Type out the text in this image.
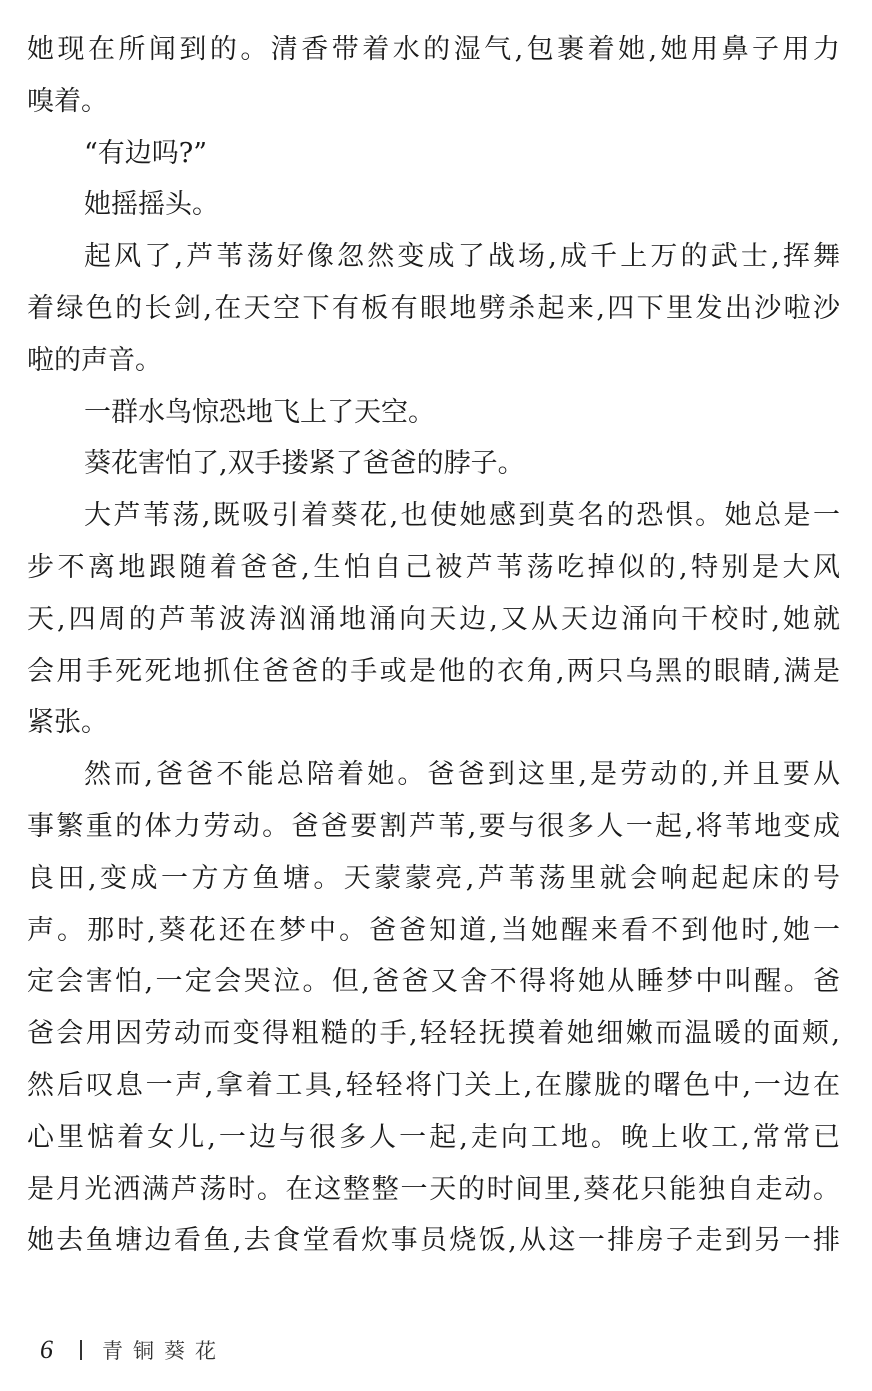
她现在所闻到的。清香带着水的湿气,包裹着她,她用鼻子用力
嗅着。
“有边吗?”
她摇摇头。
起风了,芦苇荡好像忽然变成了战场,成千上万的武士,挥舞
着绿色的长剑,在天空下有板有眼地劈杀起来,四下里发出沙啦沙
啦的声音。
一群水鸟惊恐地飞上了天空。
葵花害怕了,双手搂紧了爸爸的脖子。
大芦苇荡,既吸引着葵花,也使她感到莫名的恐惧。她总是一
步不离地跟随着爸爸,生怕自己被芦苇荡吃掉似的,特别是大风
天,四周的芦苇波涛汹涌地涌向天边,又从天边涌向干校时,她就
会用手死死地抓住爸爸的手或是他的衣角,两只乌黑的眼睛,满是
紧张。
然而,爸爸不能总陪着她。爸爸到这里,是劳动的,并且要从
事繁重的体力劳动。爸爸要割芦苇,要与很多人一起,将苇地变成
良田,变成一方方鱼塘。天蒙蒙亮,芦苇荡里就会响起起床的号
声。那时,葵花还在梦中。爸爸知道,当她醒来看不到他时,她一
定会害怕,一定会哭泣。但,爸爸又舍不得将她从睡梦中叫醒。爸
爸会用因劳动而变得粗糙的手,轻轻抚摸着她细嫩而温暖的面颊,
然后叹息一声,拿着工具,轻轻将门关上,在朦胧的曙色中,一边在
心里惦着女儿,一边与很多人一起,走向工地。晚上收工,常常已
是月光洒满芦荡时。在这整整一天的时间里,葵花只能独自走动。
她去鱼塘边看鱼,去食堂看炊事员烧饭,从这一排房子走到另一排
6	青铜葵花
